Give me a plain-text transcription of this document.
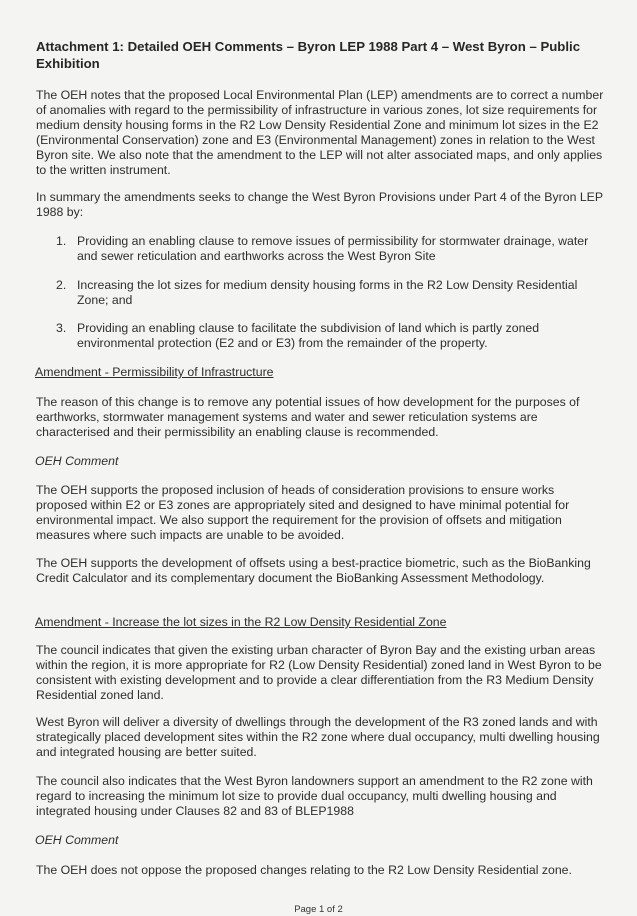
Attachment 1: Detailed OEH Comments – Byron LEP 1988 Part 4 – West Byron – Public Exhibition
The OEH notes that the proposed Local Environmental Plan (LEP) amendments are to correct a number of anomalies with regard to the permissibility of infrastructure in various zones, lot size requirements for medium density housing forms in the R2 Low Density Residential Zone and minimum lot sizes in the E2 (Environmental Conservation) zone and E3 (Environmental Management) zones in relation to the West Byron site. We also note that the amendment to the LEP will not alter associated maps, and only applies to the written instrument.
In summary the amendments seeks to change the West Byron Provisions under Part 4 of the Byron LEP 1988 by:
1. Providing an enabling clause to remove issues of permissibility for stormwater drainage, water and sewer reticulation and earthworks across the West Byron Site
2. Increasing the lot sizes for medium density housing forms in the R2 Low Density Residential Zone; and
3. Providing an enabling clause to facilitate the subdivision of land which is partly zoned environmental protection (E2 and or E3) from the remainder of the property.
Amendment - Permissibility of Infrastructure
The reason of this change is to remove any potential issues of how development for the purposes of earthworks, stormwater management systems and water and sewer reticulation systems are characterised and their permissibility an enabling clause is recommended.
OEH Comment
The OEH supports the proposed inclusion of heads of consideration provisions to ensure works proposed within E2 or E3 zones are appropriately sited and designed to have minimal potential for environmental impact. We also support the requirement for the provision of offsets and mitigation measures where such impacts are unable to be avoided.
The OEH supports the development of offsets using a best-practice biometric, such as the BioBanking Credit Calculator and its complementary document the BioBanking Assessment Methodology.
Amendment - Increase the lot sizes in the R2 Low Density Residential Zone
The council indicates that given the existing urban character of Byron Bay and the existing urban areas within the region, it is more appropriate for R2 (Low Density Residential) zoned land in West Byron to be consistent with existing development and to provide a clear differentiation from the R3 Medium Density Residential zoned land.
West Byron will deliver a diversity of dwellings through the development of the R3 zoned lands and with strategically placed development sites within the R2 zone where dual occupancy, multi dwelling housing and integrated housing are better suited.
The council also indicates that the West Byron landowners support an amendment to the R2 zone with regard to increasing the minimum lot size to provide dual occupancy, multi dwelling housing and integrated housing under Clauses 82 and 83 of BLEP1988
OEH Comment
The OEH does not oppose the proposed changes relating to the R2 Low Density Residential zone.
Page 1 of 2
